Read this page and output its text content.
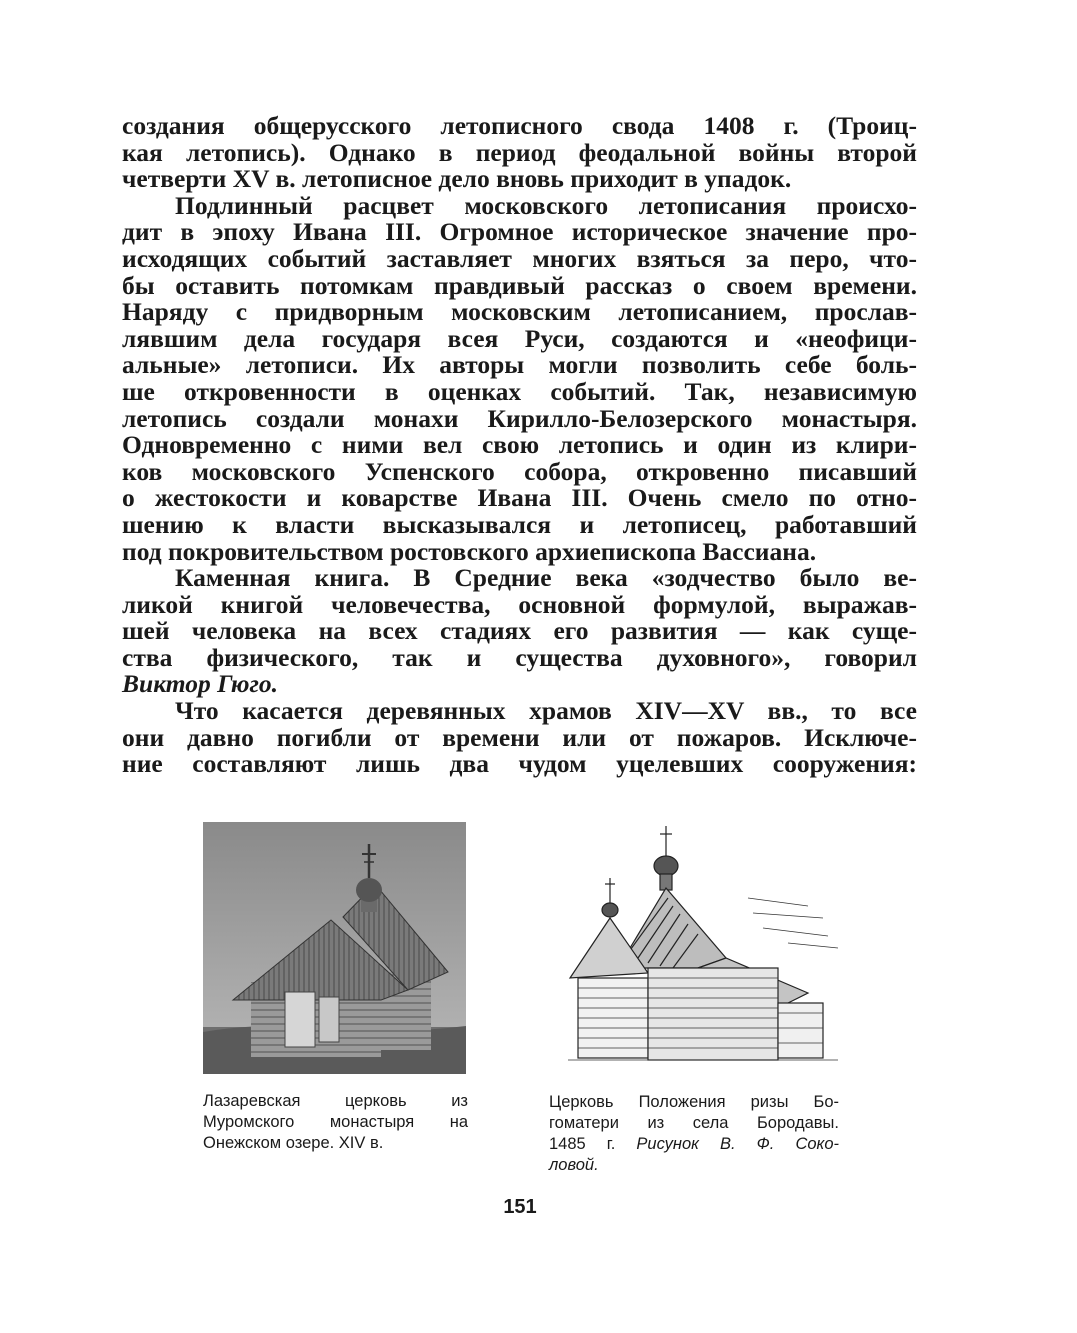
создания общерусского летописного свода 1408 г. (Троиц-
кая летопись). Однако в период феодальной войны второй
четверти XV в. летописное дело вновь приходит в упадок.
Подлинный расцвет московского летописания происхо-
дит в эпоху Ивана III. Огромное историческое значение про-
исходящих событий заставляет многих взяться за перо, что-
бы оставить потомкам правдивый рассказ о своем времени.
Наряду с придворным московским летописанием, прослав-
лявшим дела государя всея Руси, создаются и «неофици-
альные» летописи. Их авторы могли позволить себе боль-
ше откровенности в оценках событий. Так, независимую
летопись создали монахи Кирилло-Белозерского монастыря.
Одновременно с ними вел свою летопись и один из клири-
ков московского Успенского собора, откровенно писавший
о жестокости и коварстве Ивана III. Очень смело по отно-
шению к власти высказывался и летописец, работавший
под покровительством ростовского архиепископа Вассиана.
Каменная книга. В Средние века «зодчество было ве-
ликой книгой человечества, основной формулой, выражав-
шей человека на всех стадиях его развития — как суще-
ства физического, так и существа духовного», говорил
Виктор Гюго.
Что касается деревянных храмов XIV—XV вв., то все
они давно погибли от времени или от пожаров. Исключе-
ние составляют лишь два чудом уцелевших сооружения:
Лазаревская церковь из
Муромского монастыря на
Онежском озере. XIV в.
Церковь Положения ризы Бо-
гоматери из села Бородавы.
1485 г. Рисунок В. Ф. Соко-
ловой.
151
